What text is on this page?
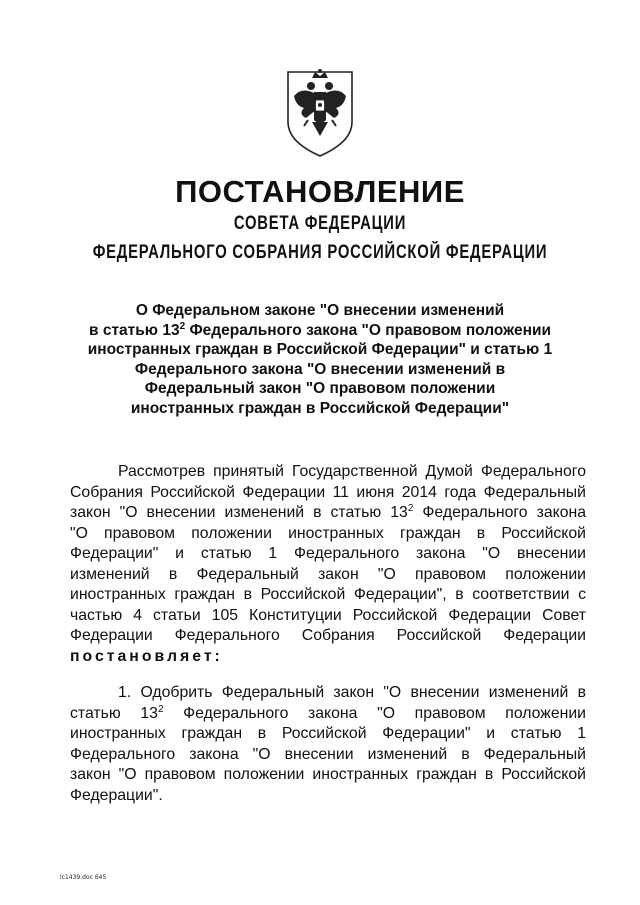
ПОСТАНОВЛЕНИЕ
СОВЕТА ФЕДЕРАЦИИ
ФЕДЕРАЛЬНОГО СОБРАНИЯ РОССИЙСКОЙ ФЕДЕРАЦИИ
О Федеральном законе "О внесении изменений
в статью $13^2$ Федерального закона "О правовом положении
иностранных граждан в Российской Федерации" и статью 1
Федерального закона "О внесении изменений в
Федеральный закон "О правовом положении
иностранных граждан в Российской Федерации"
Рассмотрев принятый Государственной Думой Федерального
Собрания Российской Федерации 11 июня 2014 года Федеральный
закон "О внесении изменений в статью $13^2$ Федерального закона
"О правовом положении иностранных граждан в Российской
Федерации" и статью 1 Федерального закона "О внесении
изменений в Федеральный закон "О правовом положении
иностранных граждан в Российской Федерации", в соответствии с
частью 4 статьи 105 Конституции Российской Федерации Совет
Федерации Федерального Собрания Российской Федерации
постановляет:
1. Одобрить Федеральный закон "О внесении изменений в
статью $13^2$ Федерального закона "О правовом положении
иностранных граждан в Российской Федерации" и статью 1
Федерального закона "О внесении изменений в Федеральный
закон "О правовом положении иностранных граждан в Российской
Федерации".
lc1439.doc 645
